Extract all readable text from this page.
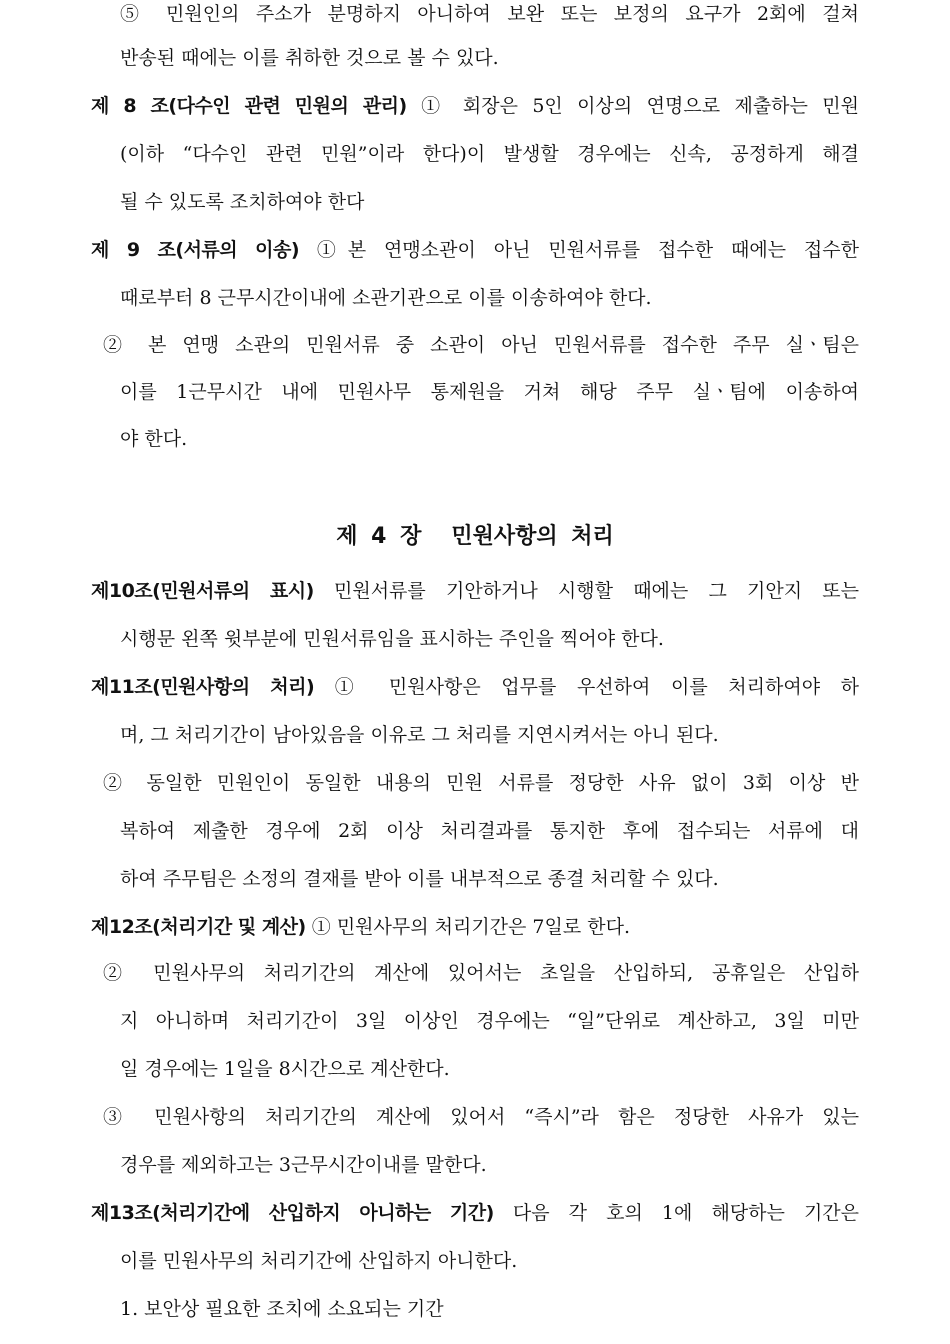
⑤ 민원인의 주소가 분명하지 아니하여 보완 또는 보정의 요구가 2회에 걸쳐
반송된 때에는 이를 취하한 것으로 볼 수 있다.
제 8 조(다수인 관련 민원의 관리) ① 회장은 5인 이상의 연명으로 제출하는 민원
(이하 “다수인 관련 민원”이라 한다)이 발생할 경우에는 신속, 공정하게 해결
될 수 있도록 조치하여야 한다
제 9 조(서류의 이송) ①본 연맹소관이 아닌 민원서류를 접수한 때에는 접수한
때로부터 8 근무시간이내에 소관기관으로 이를 이송하여야 한다.
② 본 연맹 소관의 민원서류 중 소관이 아닌 민원서류를 접수한 주무 실ㆍ팀은
이를 1근무시간 내에 민원사무 통제원을 거쳐 해당 주무 실ㆍ팀에 이송하여
야 한다.
제 4 장 민원사항의 처리
제10조(민원서류의 표시) 민원서류를 기안하거나 시행할 때에는 그 기안지 또는
시행문 왼쪽 윗부분에 민원서류임을 표시하는 주인을 찍어야 한다.
제11조(민원사항의 처리) ① 민원사항은 업무를 우선하여 이를 처리하여야 하
며, 그 처리기간이 남아있음을 이유로 그 처리를 지연시켜서는 아니 된다.
② 동일한 민원인이 동일한 내용의 민원 서류를 정당한 사유 없이 3회 이상 반
복하여 제출한 경우에 2회 이상 처리결과를 통지한 후에 접수되는 서류에 대
하여 주무팀은 소정의 결재를 받아 이를 내부적으로 종결 처리할 수 있다.
제12조(처리기간 및 계산) ① 민원사무의 처리기간은 7일로 한다.
② 민원사무의 처리기간의 계산에 있어서는 초일을 산입하되, 공휴일은 산입하
지 아니하며 처리기간이 3일 이상인 경우에는 “일”단위로 계산하고, 3일 미만
일 경우에는 1일을 8시간으로 계산한다.
③ 민원사항의 처리기간의 계산에 있어서 “즉시”라 함은 정당한 사유가 있는
경우를 제외하고는 3근무시간이내를 말한다.
제13조(처리기간에 산입하지 아니하는 기간) 다음 각 호의 1에 해당하는 기간은
이를 민원사무의 처리기간에 산입하지 아니한다.
1. 보안상 필요한 조치에 소요되는 기간
